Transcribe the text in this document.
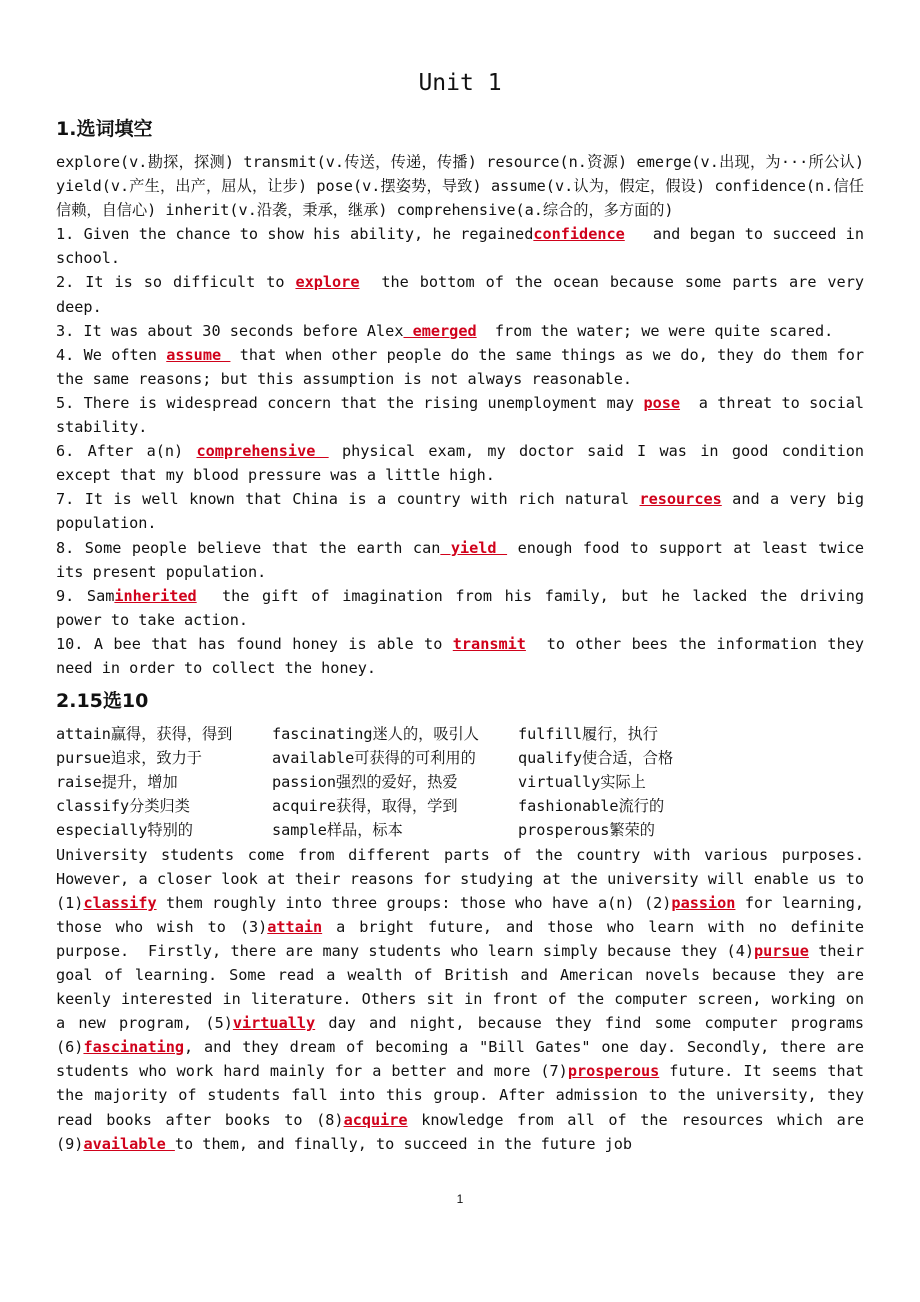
Unit 1
1.选词填空

explore(v.勘探，探测) transmit(v.传送，传递，传播) resource(n.资源) emerge(v.出现，为···所公认) yield(v.产生，出产，屈从，让步) pose(v.摆姿势，导致) assume(v.认为，假定，假设) confidence(n.信任信赖，自信心) inherit(v.沿袭，秉承，继承) comprehensive(a.综合的，多方面的)

1. Given the chance to show his ability, he regainedconfidence   and began to succeed in school.

2. It is so difficult to explore  the bottom of the ocean because some parts are very deep.

3. It was about 30 seconds before Alex emerged  from the water; we were quite scared.

4. We often assume  that when other people do the same things as we do, they do them for the same reasons; but this assumption is not always reasonable.

5. There is widespread concern that the rising unemployment may pose  a threat to social stability.

6. After a(n) comprehensive  physical exam, my doctor said I was in good condition except that my blood pressure was a little high.

7. It is well known that China is a country with rich natural resources and a very big population.

8. Some people believe that the earth can yield  enough food to support at least twice its present population.

9. Saminherited  the gift of imagination from his family, but he lacked the driving power to take action.

10. A bee that has found honey is able to transmit  to other bees the information they need in order to collect the honey.

2.15选10
attain赢得，获得，得到	fascinating迷人的，吸引人	fulfill履行，执行
pursue追求，致力于	available可获得的可利用的	qualify使合适，合格
raise提升，增加	passion强烈的爱好，热爱	virtually实际上
classify分类归类	acquire获得，取得，学到	fashionable流行的
especially特别的	sample样品，标本	prosperous繁荣的

University students come from different parts of the country with various purposes. However, a closer look at their reasons for studying at the university will enable us to (1)classify them roughly into three groups: those who have a(n) (2)passion for learning, those who wish to (3)attain a bright future, and those who learn with no definite purpose.  Firstly, there are many students who learn simply because they (4)pursue their goal of learning. Some read a wealth of British and American novels because they are keenly interested in literature. Others sit in front of the computer screen, working on a new program, (5)virtually day and night, because they find some computer programs (6)fascinating, and they dream of becoming a "Bill Gates" one day. Secondly, there are students who work hard mainly for a better and more (7)prosperous future. It seems that the majority of students fall into this group. After admission to the university, they read books after books to (8)acquire knowledge from all of the resources which are (9)available to them, and finally, to succeed in the future job

1
